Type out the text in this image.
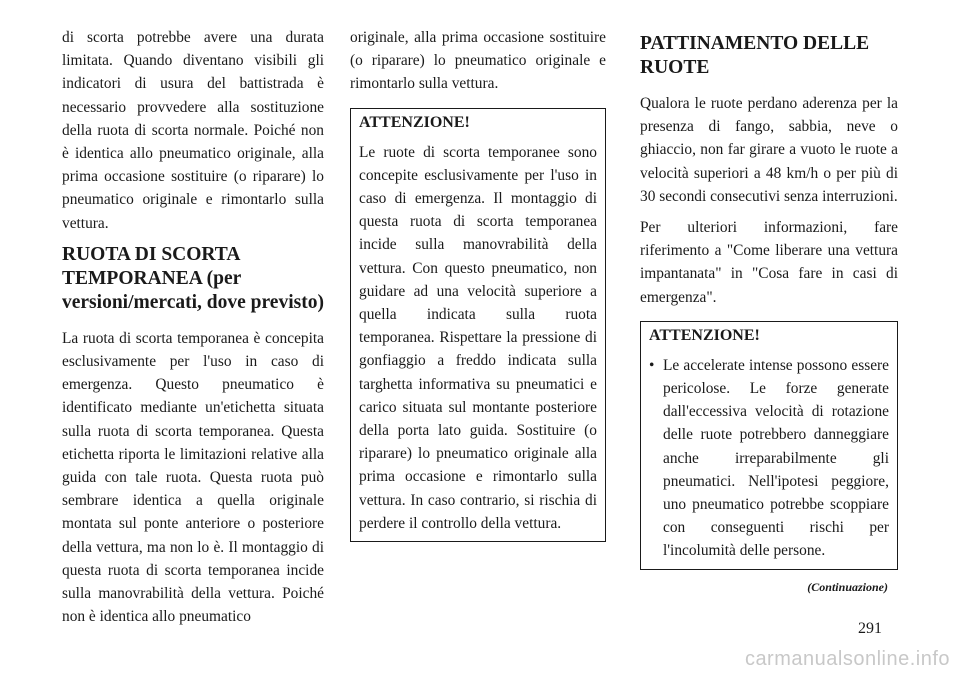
di scorta potrebbe avere una durata limitata. Quando diventano visibili gli indicatori di usura del battistrada è necessario provvedere alla sostituzione della ruota di scorta normale. Poiché non è identica allo pneumatico originale, alla prima occasione sostituire (o riparare) lo pneumatico originale e rimontarlo sulla vettura.

RUOTA DI SCORTA TEMPORANEA (per versioni/mercati, dove previsto)

La ruota di scorta temporanea è concepita esclusivamente per l'uso in caso di emergenza. Questo pneumatico è identificato mediante un'etichetta situata sulla ruota di scorta temporanea. Questa etichetta riporta le limitazioni relative alla guida con tale ruota. Questa ruota può sembrare identica a quella originale montata sul ponte anteriore o posteriore della vettura, ma non lo è. Il montaggio di questa ruota di scorta temporanea incide sulla manovrabilità della vettura. Poiché non è identica allo pneumatico

originale, alla prima occasione sostituire (o riparare) lo pneumatico originale e rimontarlo sulla vettura.

ATTENZIONE!

Le ruote di scorta temporanee sono concepite esclusivamente per l'uso in caso di emergenza. Il montaggio di questa ruota di scorta temporanea incide sulla manovrabilità della vettura. Con questo pneumatico, non guidare ad una velocità superiore a quella indicata sulla ruota temporanea. Rispettare la pressione di gonfiaggio a freddo indicata sulla targhetta informativa su pneumatici e carico situata sul montante posteriore della porta lato guida. Sostituire (o riparare) lo pneumatico originale alla prima occasione e rimontarlo sulla vettura. In caso contrario, si rischia di perdere il controllo della vettura.

PATTINAMENTO DELLE RUOTE

Qualora le ruote perdano aderenza per la presenza di fango, sabbia, neve o ghiaccio, non far girare a vuoto le ruote a velocità superiori a 48 km/h o per più di 30 secondi consecutivi senza interruzioni.

Per ulteriori informazioni, fare riferimento a "Come liberare una vettura impantanata" in "Cosa fare in casi di emergenza".

ATTENZIONE!
• Le accelerate intense possono essere pericolose. Le forze generate dall'eccessiva velocità di rotazione delle ruote potrebbero danneggiare anche irreparabilmente gli pneumatici. Nell'ipotesi peggiore, uno pneumatico potrebbe scoppiare con conseguenti rischi per l'incolumità delle persone.
(Continuazione)
291
carmanualsonline.info
